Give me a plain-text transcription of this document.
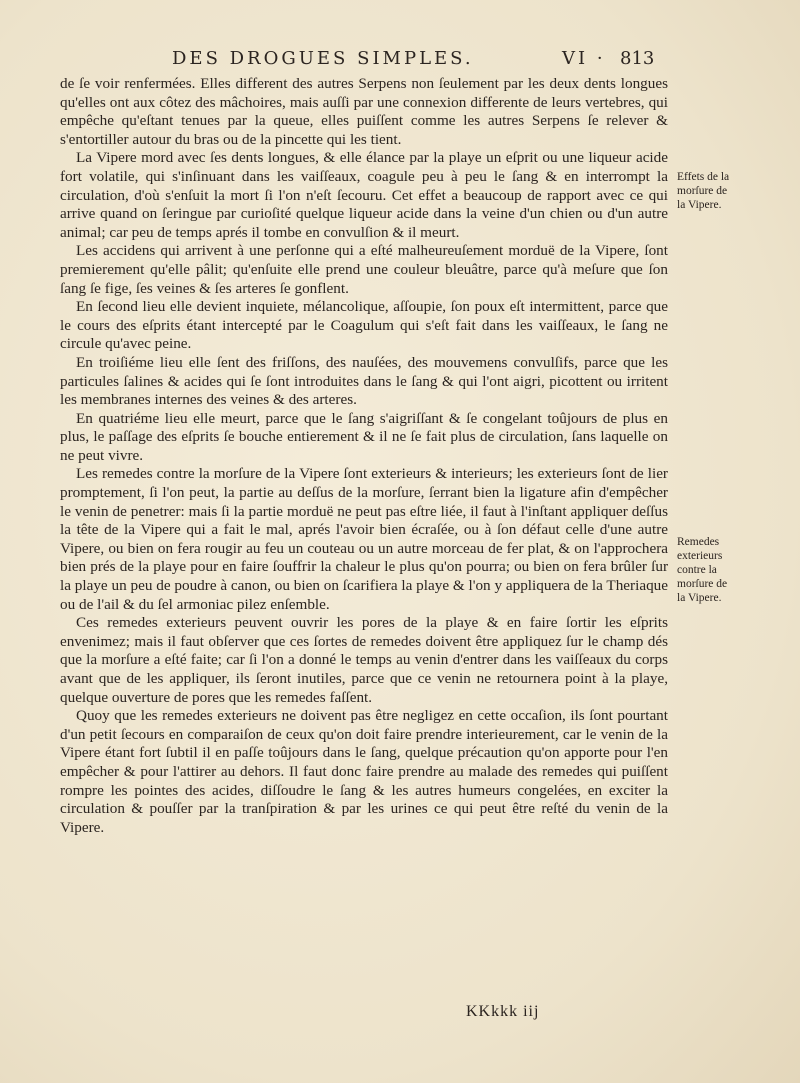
DES DROGUES SIMPLES.	VI · 813

de ſe voir renfermées. Elles different des autres Serpens non ſeulement par les deux dents longues qu'elles ont aux côtez des mâchoires, mais auſſi par une connexion differente de leurs vertebres, qui empêche qu'eſtant tenues par la queue, elles puiſſent comme les autres Serpens ſe relever & s'entortiller autour du bras ou de la pincette qui les tient.

La Vipere mord avec ſes dents longues, & elle élance par la playe un eſprit ou une liqueur acide fort volatile, qui s'inſinuant dans les vaiſſeaux, coagule peu à peu le ſang & en interrompt la circulation, d'où s'enſuit la mort ſi l'on n'eſt ſecouru. Cet effet a beaucoup de rapport avec ce qui arrive quand on ſeringue par curioſité quelque liqueur acide dans la veine d'un chien ou d'un autre animal; car peu de temps aprés il tombe en convulſion & il meurt.

Les accidens qui arrivent à une perſonne qui a eſté malheureuſement morduë de la Vipere, ſont premierement qu'elle pâlit; qu'enſuite elle prend une couleur bleuâtre, parce qu'à meſure que ſon ſang ſe fige, ſes veines & ſes arteres ſe gonflent.

En ſecond lieu elle devient inquiete, mélancolique, aſſoupie, ſon poux eſt intermittent, parce que le cours des eſprits étant intercepté par le Coagulum qui s'eſt fait dans les vaiſſeaux, le ſang ne circule qu'avec peine.

En troiſiéme lieu elle ſent des friſſons, des nauſées, des mouvemens convulſifs, parce que les particules ſalines & acides qui ſe ſont introduites dans le ſang & qui l'ont aigri, picottent ou irritent les membranes internes des veines & des arteres.

En quatriéme lieu elle meurt, parce que le ſang s'aigriſſant & ſe congelant toûjours de plus en plus, le paſſage des eſprits ſe bouche entierement & il ne ſe fait plus de circulation, ſans laquelle on ne peut vivre.

Les remedes contre la morſure de la Vipere ſont exterieurs & interieurs; les exterieurs ſont de lier promptement, ſi l'on peut, la partie au deſſus de la morſure, ſerrant bien la ligature afin d'empêcher le venin de penetrer: mais ſi la partie morduë ne peut pas eſtre liée, il faut à l'inſtant appliquer deſſus la tête de la Vipere qui a fait le mal, aprés l'avoir bien écraſée, ou à ſon défaut celle d'une autre Vipere, ou bien on fera rougir au feu un couteau ou un autre morceau de fer plat, & on l'approchera bien prés de la playe pour en faire ſouffrir la chaleur le plus qu'on pourra; ou bien on fera brûler ſur la playe un peu de poudre à canon, ou bien on ſcarifiera la playe & l'on y appliquera de la Theriaque ou de l'ail & du ſel armoniac pilez enſemble.

Ces remedes exterieurs peuvent ouvrir les pores de la playe & en faire ſortir les eſprits envenimez; mais il faut obſerver que ces ſortes de remedes doivent être appliquez ſur le champ dés que la morſure a eſté faite; car ſi l'on a donné le temps au venin d'entrer dans les vaiſſeaux du corps avant que de les appliquer, ils ſeront inutiles, parce que ce venin ne retournera point à la playe, quelque ouverture de pores que les remedes faſſent.

Quoy que les remedes exterieurs ne doivent pas être negligez en cette occaſion, ils ſont pourtant d'un petit ſecours en comparaiſon de ceux qu'on doit faire prendre interieurement, car le venin de la Vipere étant fort ſubtil il en paſſe toûjours dans le ſang, quelque précaution qu'on apporte pour l'en empêcher & pour l'attirer au dehors. Il faut donc faire prendre au malade des remedes qui puiſſent rompre les pointes des acides, diſſoudre le ſang & les autres humeurs congelées, en exciter la circulation & pouſſer par la tranſpiration & par les urines ce qui peut être reſté du venin de la Vipere.

Effets de la
morſure de
la Vipere.
Remedes
exterieurs
contre la
morſure de
la Vipere.
KKkkk iij
